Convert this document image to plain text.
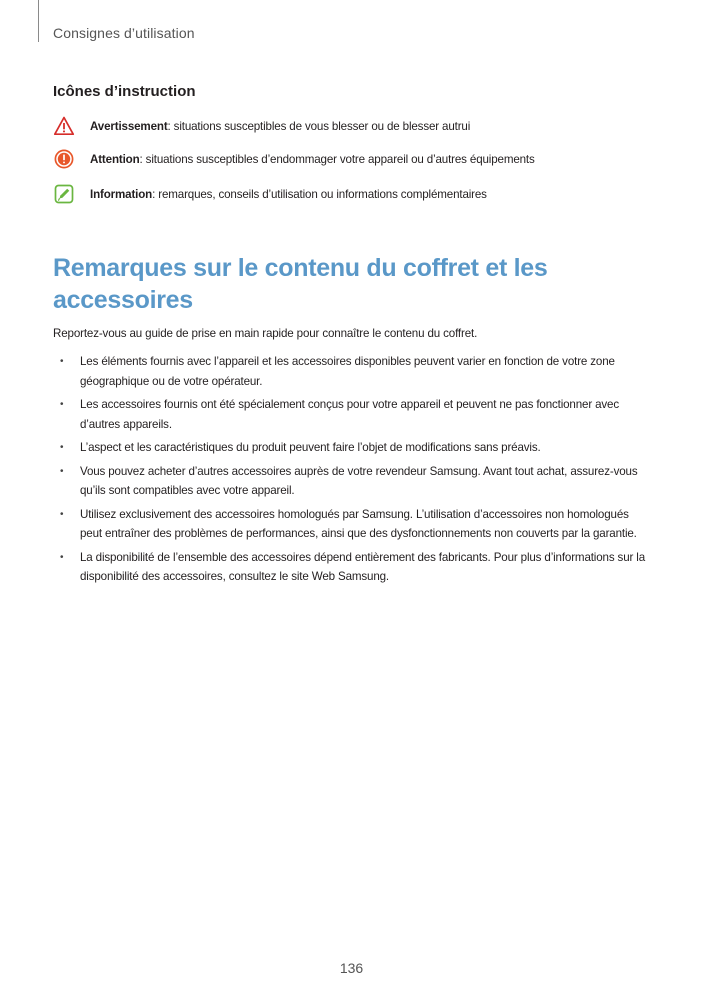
Consignes d’utilisation
Icônes d’instruction
Avertissement : situations susceptibles de vous blesser ou de blesser autrui
Attention : situations susceptibles d’endommager votre appareil ou d’autres équipements
Information : remarques, conseils d’utilisation ou informations complémentaires
Remarques sur le contenu du coffret et les accessoires
Reportez-vous au guide de prise en main rapide pour connaître le contenu du coffret.
• Les éléments fournis avec l’appareil et les accessoires disponibles peuvent varier en fonction de votre zone géographique ou de votre opérateur.
• Les accessoires fournis ont été spécialement conçus pour votre appareil et peuvent ne pas fonctionner avec d’autres appareils.
• L’aspect et les caractéristiques du produit peuvent faire l’objet de modifications sans préavis.
• Vous pouvez acheter d’autres accessoires auprès de votre revendeur Samsung. Avant tout achat, assurez-vous qu’ils sont compatibles avec votre appareil.
• Utilisez exclusivement des accessoires homologués par Samsung. L’utilisation d’accessoires non homologués peut entraîner des problèmes de performances, ainsi que des dysfonctionnements non couverts par la garantie.
• La disponibilité de l’ensemble des accessoires dépend entièrement des fabricants. Pour plus d’informations sur la disponibilité des accessoires, consultez le site Web Samsung.
136
